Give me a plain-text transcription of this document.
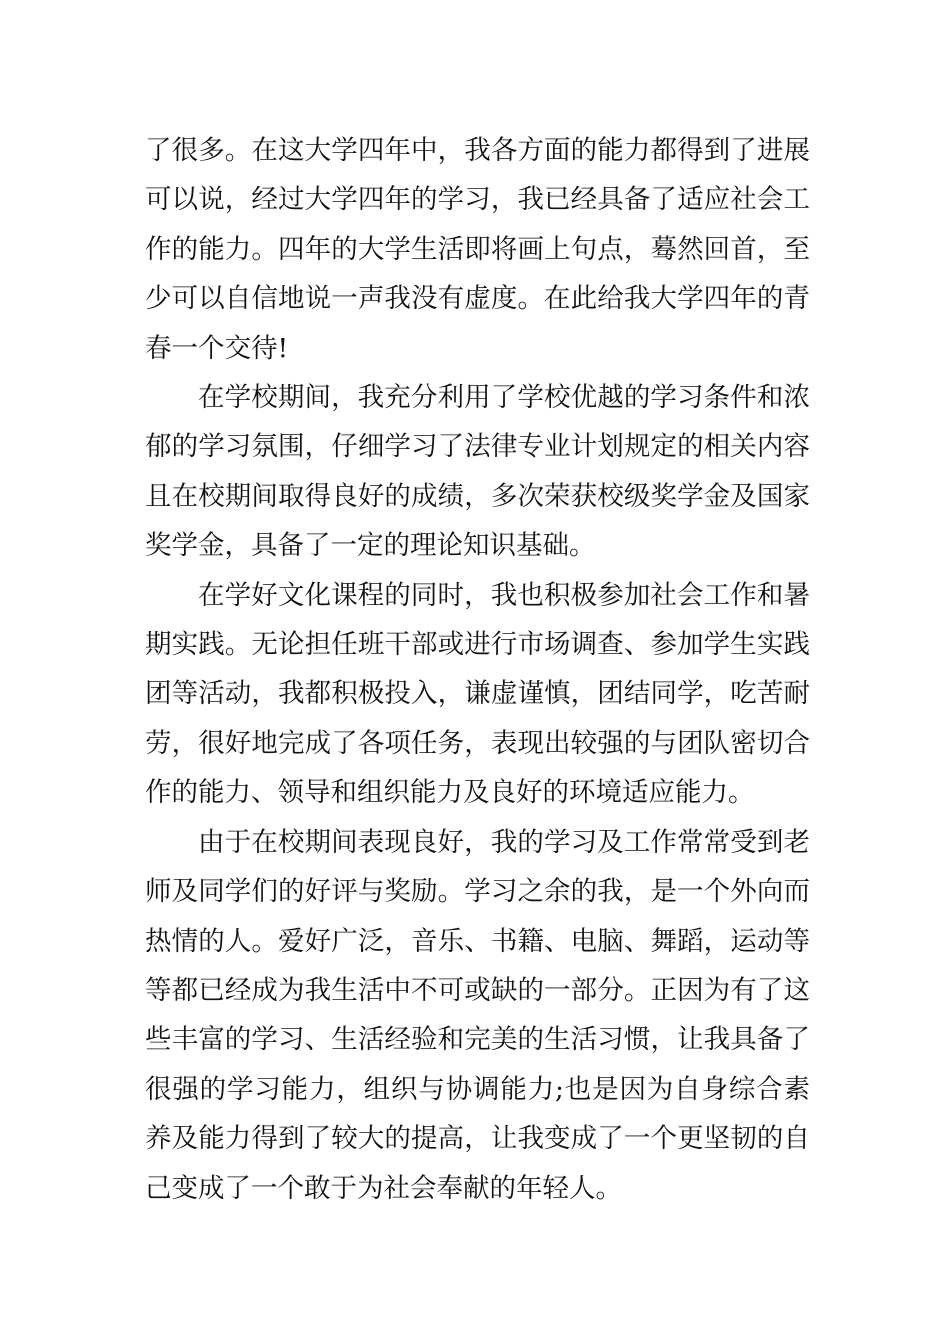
了很多。在这大学四年中，我各方面的能力都得到了进展可以说，经过大学四年的学习，我已经具备了适应社会工作的能力。四年的大学生活即将画上句点，蓦然回首，至少可以自信地说一声我没有虚度。在此给我大学四年的青春一个交待!

在学校期间，我充分利用了学校优越的学习条件和浓郁的学习氛围，仔细学习了法律专业计划规定的相关内容且在校期间取得良好的成绩，多次荣获校级奖学金及国家奖学金，具备了一定的理论知识基础。

在学好文化课程的同时，我也积极参加社会工作和暑期实践。无论担任班干部或进行市场调查、参加学生实践团等活动，我都积极投入，谦虚谨慎，团结同学，吃苦耐劳，很好地完成了各项任务，表现出较强的与团队密切合作的能力、领导和组织能力及良好的环境适应能力。

由于在校期间表现良好，我的学习及工作常常受到老师及同学们的好评与奖励。学习之余的我，是一个外向而热情的人。爱好广泛，音乐、书籍、电脑、舞蹈，运动等等都已经成为我生活中不可或缺的一部分。正因为有了这些丰富的学习、生活经验和完美的生活习惯，让我具备了很强的学习能力，组织与协调能力;也是因为自身综合素养及能力得到了较大的提高，让我变成了一个更坚韧的自己变成了一个敢于为社会奉献的年轻人。
